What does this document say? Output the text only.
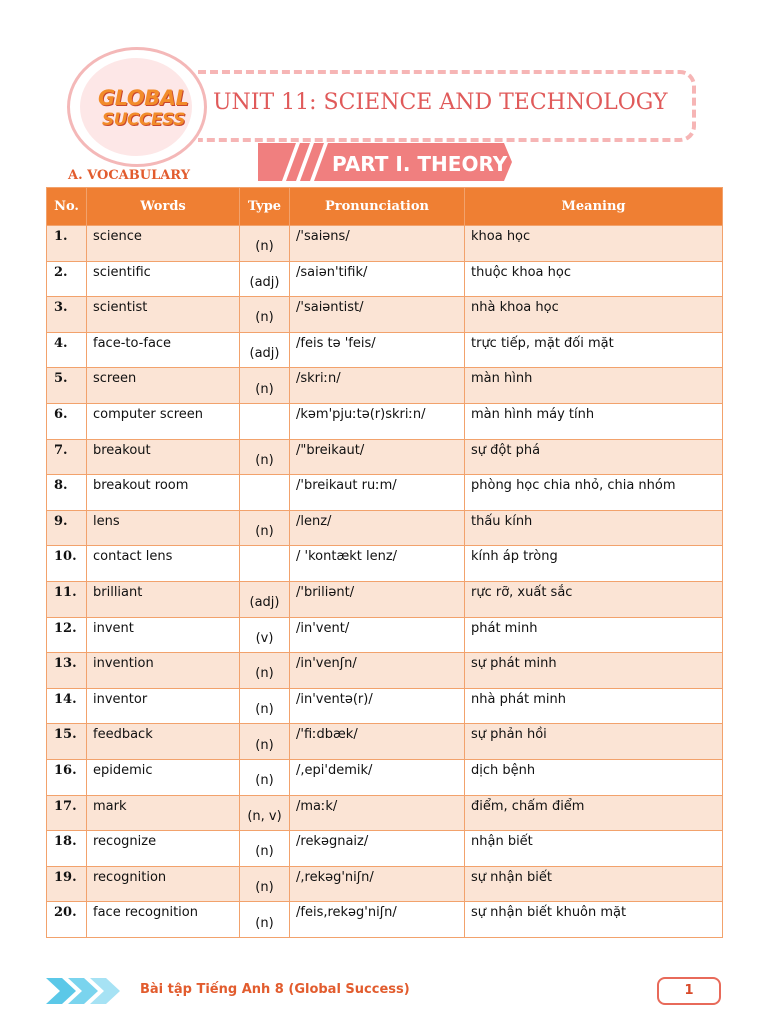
GLOBAL
SUCCESS
UNIT 11: SCIENCE AND TECHNOLOGY
PART I. THEORY
A. VOCABULARY
No.	Words	Type	Pronunciation	Meaning
1.	science	(n)	/'saiəns/	khoa học
2.	scientific	(adj)	/saiən'tifik/	thuộc khoa học
3.	scientist	(n)	/'saiəntist/	nhà khoa học
4.	face-to-face	(adj)	/feis tə 'feis/	trực tiếp, mặt đối mặt
5.	screen	(n)	/skriːn/	màn hình
6.	computer screen		/kəm'pjuːtə(r)skriːn/	màn hình máy tính
7.	breakout	(n)	/"breikaut/	sự đột phá
8.	breakout room		/'breikaut ruːm/	phòng học chia nhỏ, chia nhóm
9.	lens	(n)	/lenz/	thấu kính
10.	contact lens		/ 'kontækt lenz/	kính áp tròng
11.	brilliant	(adj)	/'briliənt/	rực rỡ, xuất sắc
12.	invent	(v)	/in'vent/	phát minh
13.	invention	(n)	/in'venʃn/	sự phát minh
14.	inventor	(n)	/in'ventə(r)/	nhà phát minh
15.	feedback	(n)	/'fiːdbæk/	sự phản hồi
16.	epidemic	(n)	/,epi'demik/	dịch bệnh
17.	mark	(n, v)	/maːk/	điểm, chấm điểm
18.	recognize	(n)	/rekəgnaiz/	nhận biết
19.	recognition	(n)	/,rekəg'niʃn/	sự nhận biết
20.	face recognition	(n)	/feis,rekəg'niʃn/	sự nhận biết khuôn mặt
Bài tập Tiếng Anh 8 (Global Success)	1
